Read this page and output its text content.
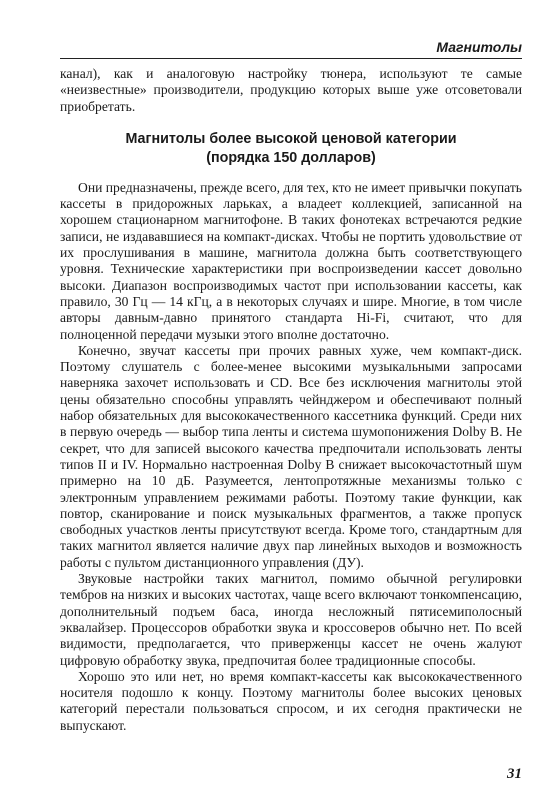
Магнитолы

канал), как и аналоговую настройку тюнера, используют те самые «неизвестные» производители, продукцию которых выше уже отсоветовали приобретать.

Магнитолы более высокой ценовой категории
(порядка 150 долларов)

Они предназначены, прежде всего, для тех, кто не имеет привычки покупать кассеты в придорожных ларьках, а владеет коллекцией, записанной на хорошем стационарном магнитофоне. В таких фонотеках встречаются редкие записи, не издававшиеся на компакт-дисках. Чтобы не портить удовольствие от их прослушивания в машине, магнитола должна быть соответствующего уровня. Технические характеристики при воспроизведении кассет довольно высоки. Диапазон воспроизводимых частот при использовании кассеты, как правило, 30 Гц — 14 кГц, а в некоторых случаях и шире. Многие, в том числе авторы давным-давно принятого стандарта Hi-Fi, считают, что для полноценной передачи музыки этого вполне достаточно.

Конечно, звучат кассеты при прочих равных хуже, чем компакт-диск. Поэтому слушатель с более-менее высокими музыкальными запросами наверняка захочет использовать и CD. Все без исключения магнитолы этой цены обязательно способны управлять чейнджером и обеспечивают полный набор обязательных для высококачественного кассетника функций. Среди них в первую очередь — выбор типа ленты и система шумопонижения Dolby B. Не секрет, что для записей высокого качества предпочитали использовать ленты типов II и IV. Нормально настроенная Dolby B снижает высокочастотный шум примерно на 10 дБ. Разумеется, лентопротяжные механизмы только с электронным управлением режимами работы. Поэтому такие функции, как повтор, сканирование и поиск музыкальных фрагментов, а также пропуск свободных участков ленты присутствуют всегда. Кроме того, стандартным для таких магнитол является наличие двух пар линейных выходов и возможность работы с пультом дистанционного управления (ДУ).

Звуковые настройки таких магнитол, помимо обычной регулировки тембров на низких и высоких частотах, чаще всего включают тонкомпенсацию, дополнительный подъем баса, иногда несложный пятисемиполосный эквалайзер. Процессоров обработки звука и кроссоверов обычно нет. По всей видимости, предполагается, что приверженцы кассет не очень жалуют цифровую обработку звука, предпочитая более традиционные способы.

Хорошо это или нет, но время компакт-кассеты как высококачественного носителя подошло к концу. Поэтому магнитолы более высоких ценовых категорий перестали пользоваться спросом, и их сегодня практически не выпускают.

31
